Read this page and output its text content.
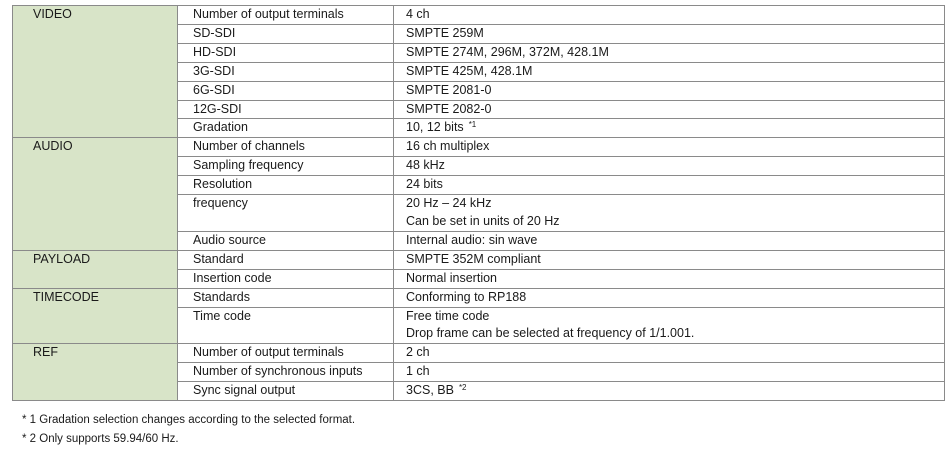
VIDEO	Number of output terminals	4 ch

	SD-SDI	SMPTE 259M

	HD-SDI	SMPTE 274M, 296M, 372M, 428.1M

	3G-SDI	SMPTE 425M, 428.1M

	6G-SDI	SMPTE 2081-0

	12G-SDI	SMPTE 2082-0

	Gradation	10, 12 bits $^{*1}$

AUDIO	Number of channels	16 ch multiplex

	Sampling frequency	48 kHz

	Resolution	24 bits

	frequency	20 Hz – 24 kHz
Can be set in units of 20 Hz

	Audio source	Internal audio: sin wave

PAYLOAD	Standard	SMPTE 352M compliant

	Insertion code	Normal insertion

TIMECODE	Standards	Conforming to RP188

	Time code	Free time code
Drop frame can be selected at frequency of 1/1.001.

REF	Number of output terminals	2 ch

	Number of synchronous inputs	1 ch

	Sync signal output	3CS, BB $^{*2}$
* 1 Gradation selection changes according to the selected format.
* 2 Only supports 59.94/60 Hz.
